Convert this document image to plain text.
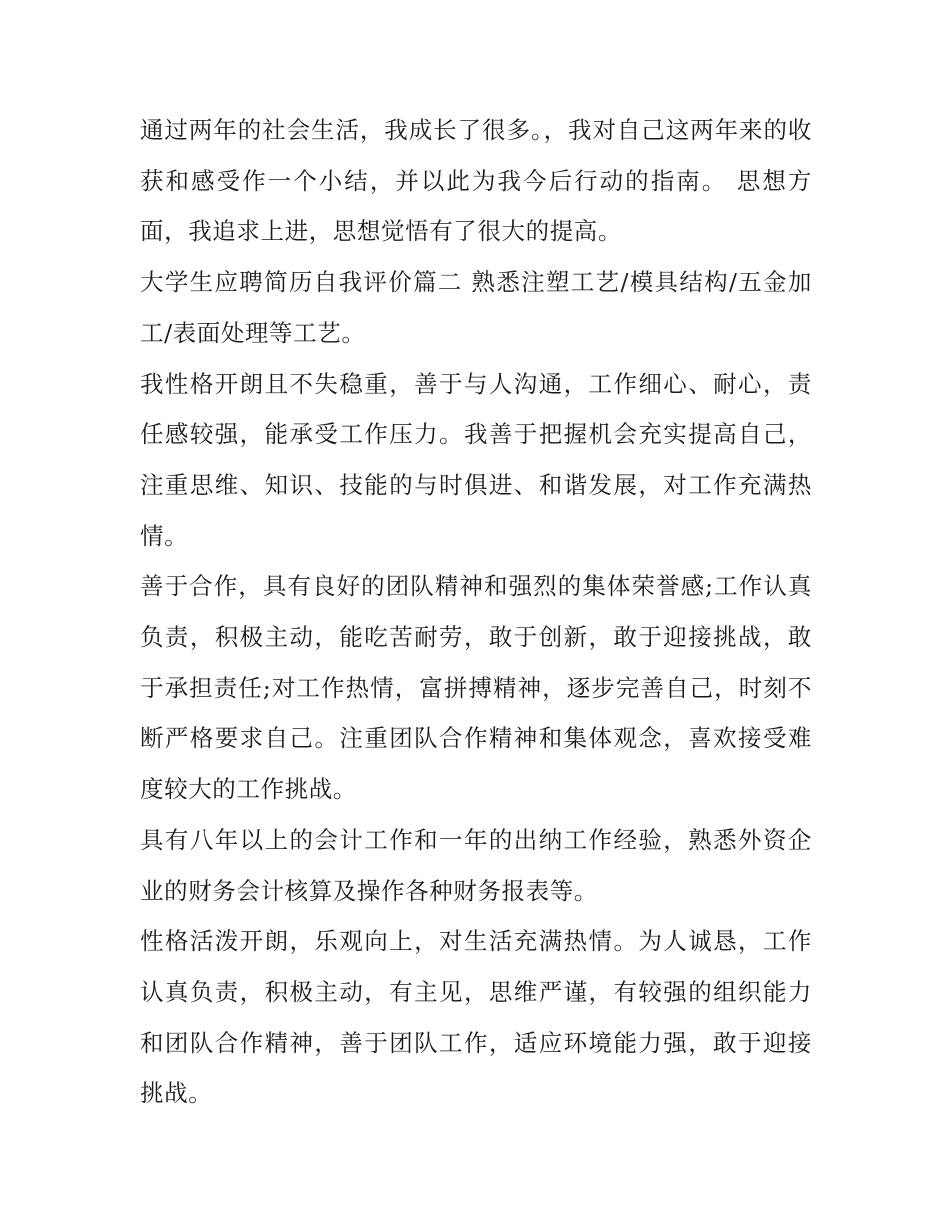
通过两年的社会生活，我成长了很多。，我对自己这两年来的收获和感受作一个小结，并以此为我今后行动的指南。 思想方面，我追求上进，思想觉悟有了很大的提高。

大学生应聘简历自我评价篇二 熟悉注塑工艺/模具结构/五金加工/表面处理等工艺。

我性格开朗且不失稳重，善于与人沟通，工作细心、耐心，责任感较强，能承受工作压力。我善于把握机会充实提高自己，注重思维、知识、技能的与时俱进、和谐发展，对工作充满热情。

善于合作，具有良好的团队精神和强烈的集体荣誉感;工作认真负责，积极主动，能吃苦耐劳，敢于创新，敢于迎接挑战，敢于承担责任;对工作热情，富拼搏精神，逐步完善自己，时刻不断严格要求自己。注重团队合作精神和集体观念，喜欢接受难度较大的工作挑战。

具有八年以上的会计工作和一年的出纳工作经验，熟悉外资企业的财务会计核算及操作各种财务报表等。

性格活泼开朗，乐观向上，对生活充满热情。为人诚恳，工作认真负责，积极主动，有主见，思维严谨，有较强的组织能力和团队合作精神，善于团队工作，适应环境能力强，敢于迎接挑战。
